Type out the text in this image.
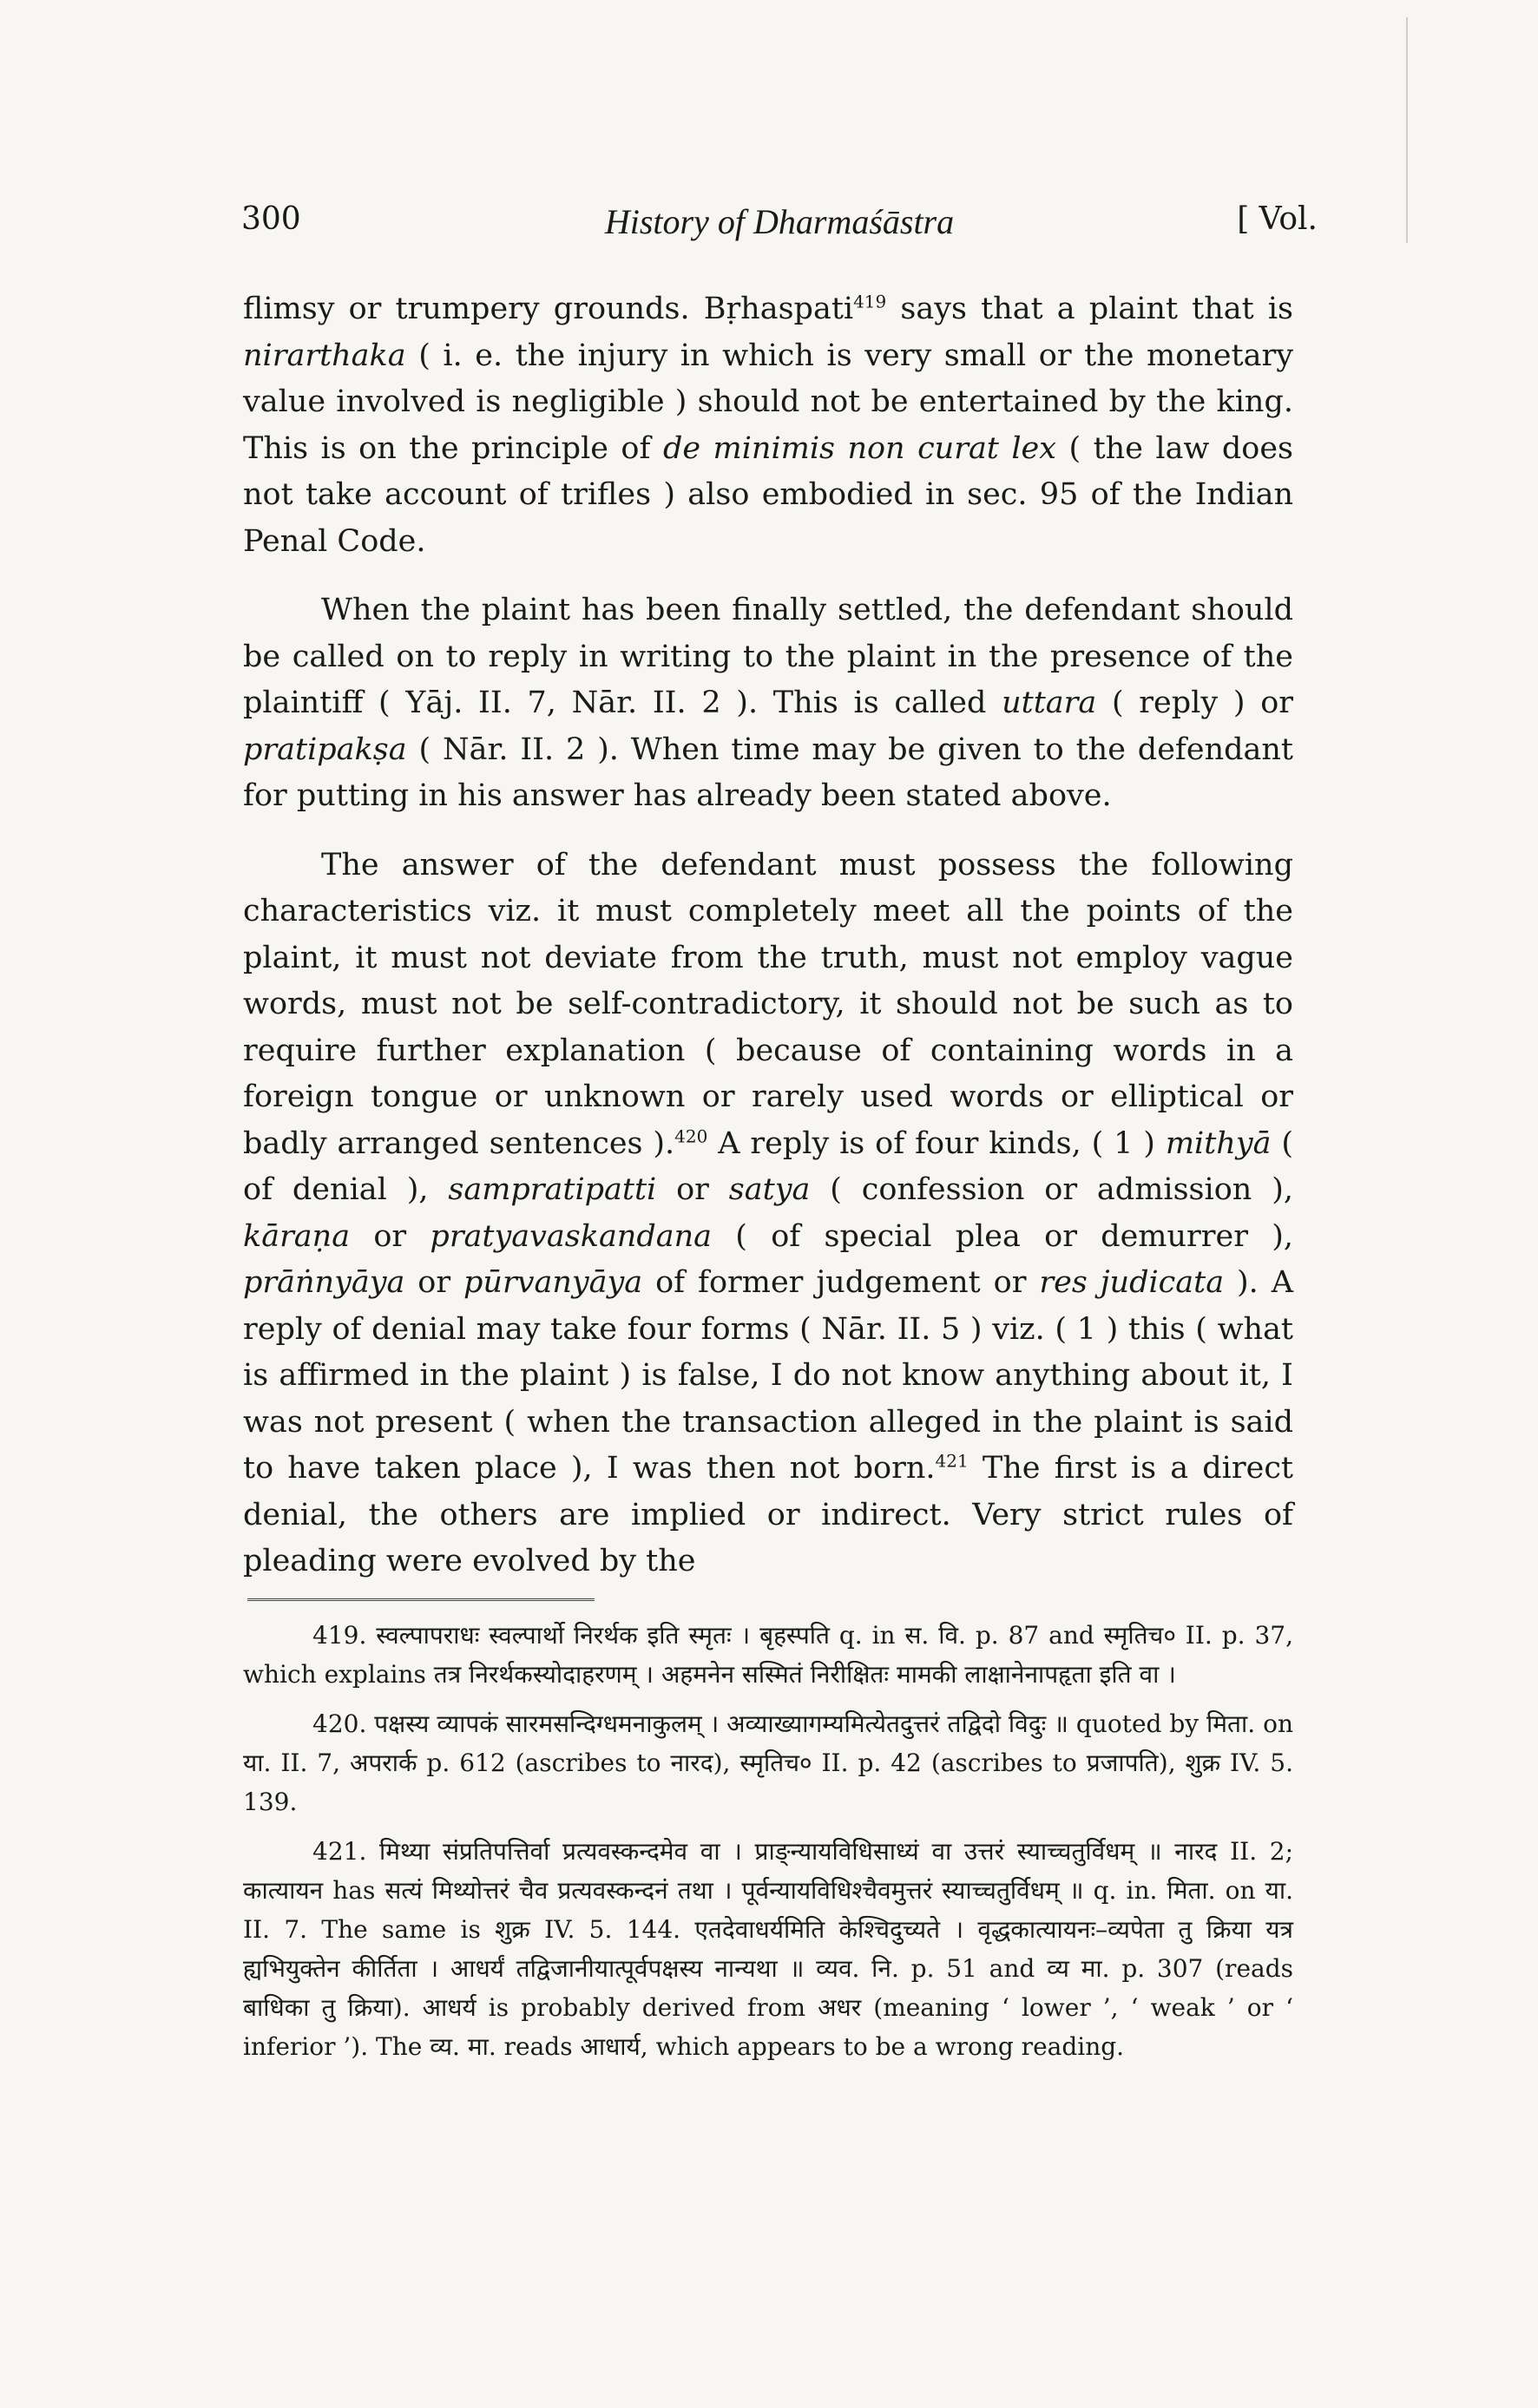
300	History of Dharmaśāstra	[ Vol.

flimsy or trumpery grounds. Bṛhaspati$^{419}$ says that a plaint that is nirarthaka ( i. e. the injury in which is very small or the monetary value involved is negligible ) should not be entertained by the king. This is on the principle of de minimis non curat lex ( the law does not take account of trifles ) also embodied in sec. 95 of the Indian Penal Code.

When the plaint has been finally settled, the defendant should be called on to reply in writing to the plaint in the presence of the plaintiff ( Yāj. II. 7, Nār. II. 2 ). This is called uttara ( reply ) or pratipakṣa ( Nār. II. 2 ). When time may be given to the defendant for putting in his answer has already been stated above.

The answer of the defendant must possess the following characteristics viz. it must completely meet all the points of the plaint, it must not deviate from the truth, must not employ vague words, must not be self-contradictory, it should not be such as to require further explanation ( because of containing words in a foreign tongue or unknown or rarely used words or elliptical or badly arranged sentences ).$^{420}$ A reply is of four kinds, ( 1 ) mithyā ( of denial ), sampratipatti or satya ( confession or admission ), kāraṇa or pratyavaskandana ( of special plea or demurrer ), prāṅnyāya or pūrvanyāya of former judgement or res judicata ). A reply of denial may take four forms ( Nār. II. 5 ) viz. ( 1 ) this ( what is affirmed in the plaint ) is false, I do not know anything about it, I was not present ( when the transaction alleged in the plaint is said to have taken place ), I was then not born.$^{421}$ The first is a direct denial, the others are implied or indirect. Very strict rules of pleading were evolved by the

419. स्वल्पापराधः स्वल्पार्थो निरर्थक इति स्मृतः । बृहस्पति q. in स. वि. p. 87 and स्मृतिच० II. p. 37, which explains तत्र निरर्थकस्योदाहरणम् । अहमनेन सस्मितं निरीक्षितः मामकी लाक्षानेनापहृता इति वा ।

420. पक्षस्य व्यापकं सारमसन्दिग्धमनाकुलम् । अव्याख्यागम्यमित्येतदुत्तरं तद्विदो विदुः ॥ quoted by मिता. on या. II. 7, अपरार्क p. 612 (ascribes to नारद), स्मृतिच० II. p. 42 (ascribes to प्रजापति), शुक्र IV. 5. 139.

421. मिथ्या संप्रतिपत्तिर्वा प्रत्यवस्कन्दमेव वा । प्राङ्न्यायविधिसाध्यं वा उत्तरं स्याच्चतुर्विधम् ॥ नारद II. 2; कात्यायन has सत्यं मिथ्योत्तरं चैव प्रत्यवस्कन्दनं तथा । पूर्वन्यायविधिश्चैवमुत्तरं स्याच्चतुर्विधम् ॥ q. in. मिता. on या. II. 7. The same is शुक्र IV. 5. 144. एतदेवाधर्यमिति केश्चिदुच्यते । वृद्धकात्यायनः–व्यपेता तु क्रिया यत्र ह्यभियुक्तेन कीर्तिता । आधर्यं तद्विजानीयात्पूर्वपक्षस्य नान्यथा ॥ व्यव. नि. p. 51 and व्य मा. p. 307 (reads बाधिका तु क्रिया). आधर्य is probably derived from अधर (meaning ‘ lower ’, ‘ weak ’ or ‘ inferior ’). The व्य. मा. reads आधार्य, which appears to be a wrong reading.
